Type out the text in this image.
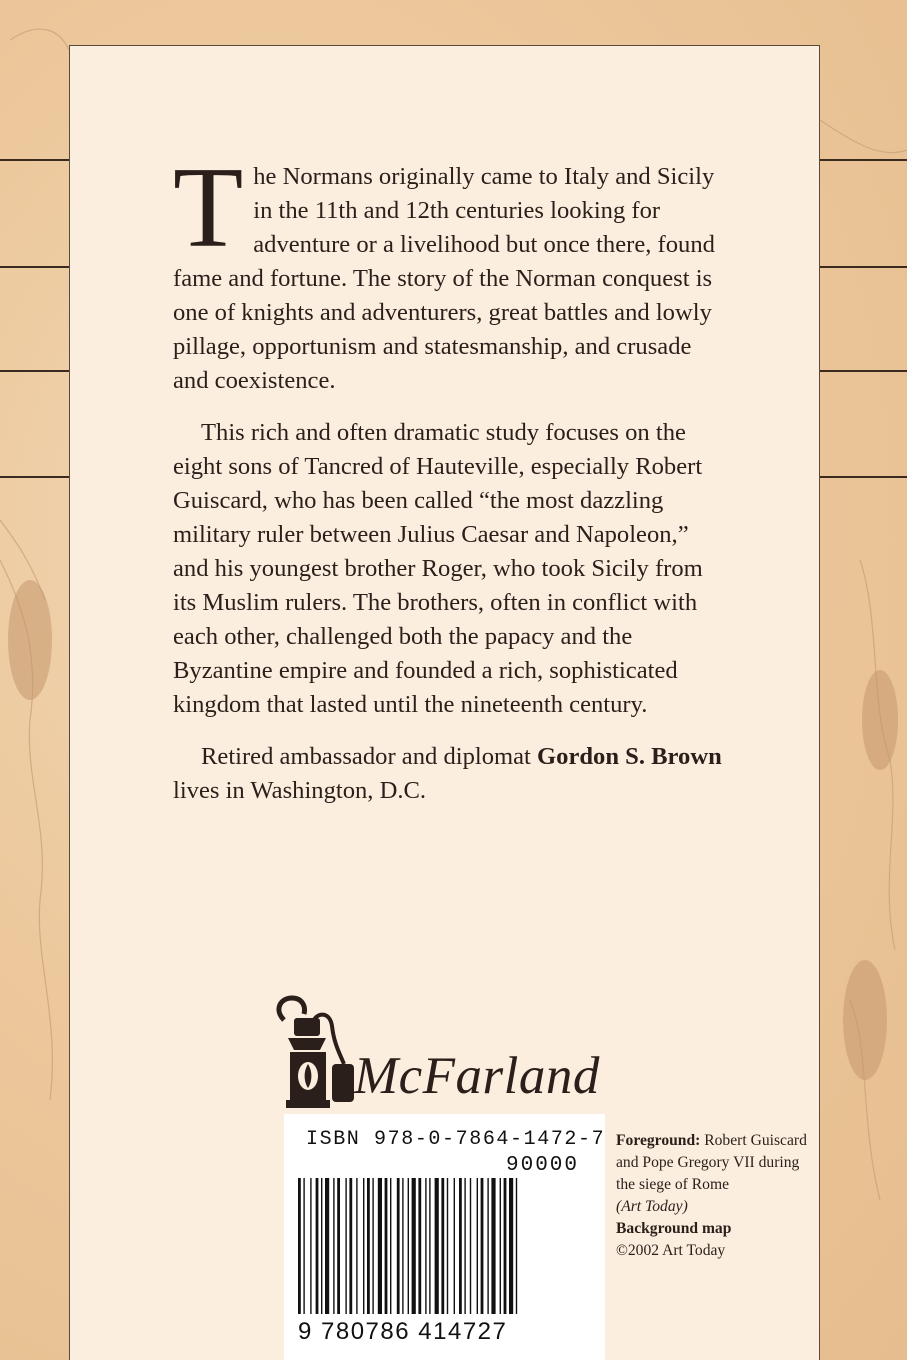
The Normans originally came to Italy and Sicily in the 11th and 12th centuries looking for adventure or a livelihood but once there, found fame and fortune. The story of the Norman conquest is one of knights and adventurers, great battles and lowly pillage, opportunism and statesmanship, and crusade and coexistence.

This rich and often dramatic study focuses on the eight sons of Tancred of Hauteville, especially Robert Guiscard, who has been called “the most dazzling military ruler between Julius Caesar and Napoleon,” and his youngest brother Roger, who took Sicily from its Muslim rulers. The brothers, often in conflict with each other, challenged both the papacy and the Byzantine empire and founded a rich, sophisticated kingdom that lasted until the nineteenth century.

Retired ambassador and diplomat Gordon S. Brown lives in Washington, D.C.

McFarland
ISBN 978-0-7864-1472-7
90000
9 780786 414727
Foreground: Robert Guiscard and Pope Gregory VII during the siege of Rome
(Art Today)
Background map
©2002 Art Today
